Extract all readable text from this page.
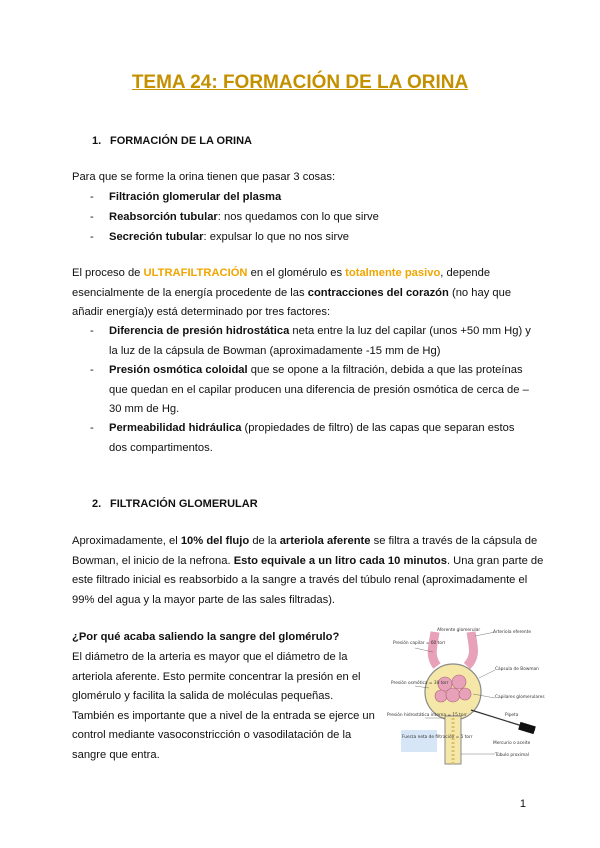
TEMA 24: FORMACIÓN DE LA ORINA
1. FORMACIÓN DE LA ORINA
Para que se forme la orina tienen que pasar 3 cosas:
- Filtración glomerular del plasma
- Reabsorción tubular: nos quedamos con lo que sirve
- Secreción tubular: expulsar lo que no nos sirve
El proceso de ULTRAFILTRACIÓN en el glomérulo es totalmente pasivo, depende esencialmente de la energía procedente de las contracciones del corazón (no hay que añadir energía)y está determinado por tres factores:
- Diferencia de presión hidrostática neta entre la luz del capilar (unos +50 mm Hg) y la luz de la cápsula de Bowman (aproximadamente -15 mm de Hg)
- Presión osmótica coloidal que se opone a la filtración, debida a que las proteínas que quedan en el capilar producen una diferencia de presión osmótica de cerca de –30 mm de Hg.
- Permeabilidad hidráulica (propiedades de filtro) de las capas que separan estos dos compartimentos.
2. FILTRACIÓN GLOMERULAR
Aproximadamente, el 10% del flujo de la arteriola aferente se filtra a través de la cápsula de Bowman, el inicio de la nefrona. Esto equivale a un litro cada 10 minutos. Una gran parte de este filtrado inicial es reabsorbido a la sangre a través del túbulo renal (aproximadamente el 99% del agua y la mayor parte de las sales filtradas).
¿Por qué acaba saliendo la sangre del glomérulo?
El diámetro de la arteria es mayor que el diámetro de la arteriola aferente. Esto permite concentrar la presión en el glomérulo y facilita la salida de moléculas pequeñas. También es importante que a nivel de la entrada se ejerce un control mediante vasoconstricción o vasodilatación de la sangre que entra.
Aferente glomerular
Presión capilar = 60 torr
Arteriola eferente
Cápsula de Bowman
Presión osmótica = 30 torr
Capilares glomerulares
Presión hidrostática interna = 15 torr	Pipeta
Fuerza neta de filtración = 5 torr
Mercurio o aceite
Túbulo proximal
1
